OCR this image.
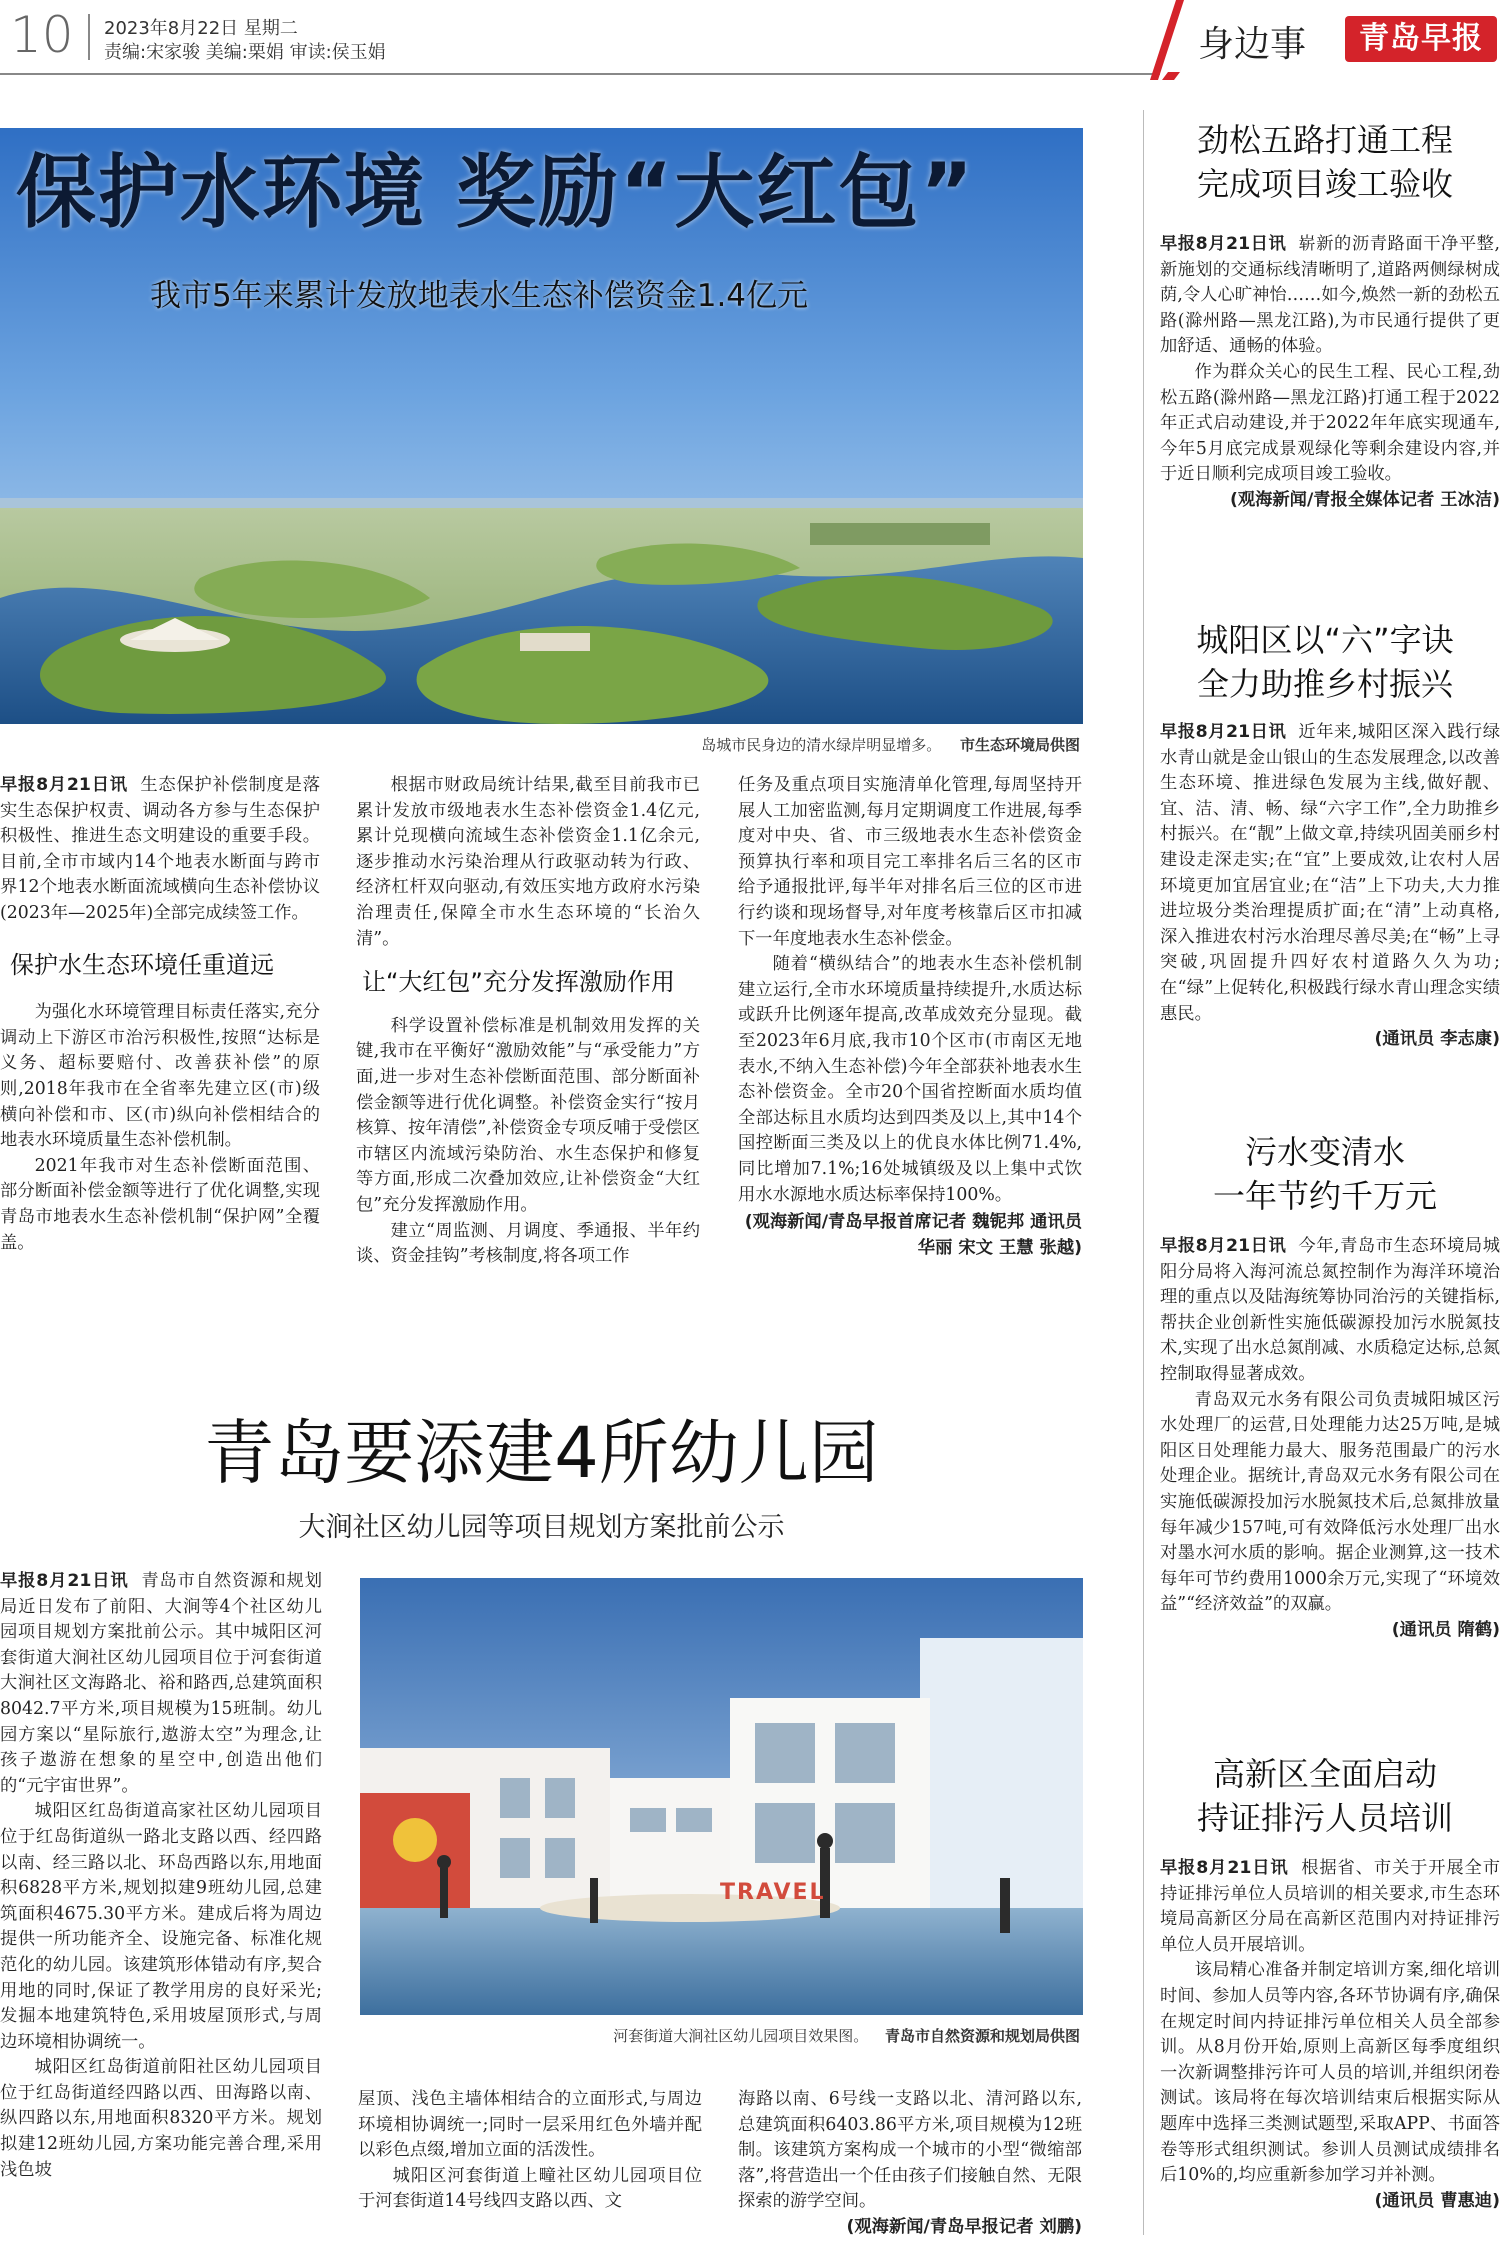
10 2023年8月22日 星期二
责编:宋家骏 美编:栗娟 审读:侯玉娟	身边事	青岛早报
保护水环境 奖励“大红包”
我市5年来累计发放地表水生态补偿资金1.4亿元
岛城市民身边的清水绿岸明显增多。 市生态环境局供图

早报8月21日讯 生态保护补偿制度是落实生态保护权责、调动各方参与生态保护积极性、推进生态文明建设的重要手段。目前,全市市域内14个地表水断面与跨市界12个地表水断面流域横向生态补偿协议(2023年—2025年)全部完成续签工作。

保护水生态环境任重道远

为强化水环境管理目标责任落实,充分调动上下游区市治污积极性,按照“达标是义务、超标要赔付、改善获补偿”的原则,2018年我市在全省率先建立区(市)级横向补偿和市、区(市)纵向补偿相结合的地表水环境质量生态补偿机制。

2021年我市对生态补偿断面范围、部分断面补偿金额等进行了优化调整,实现青岛市地表水生态补偿机制“保护网”全覆盖。

根据市财政局统计结果,截至目前我市已累计发放市级地表水生态补偿资金1.4亿元,累计兑现横向流域生态补偿资金1.1亿余元,逐步推动水污染治理从行政驱动转为行政、经济杠杆双向驱动,有效压实地方政府水污染治理责任,保障全市水生态环境的“长治久清”。

让“大红包”充分发挥激励作用

科学设置补偿标准是机制效用发挥的关键,我市在平衡好“激励效能”与“承受能力”方面,进一步对生态补偿断面范围、部分断面补偿金额等进行优化调整。补偿资金实行“按月核算、按年清偿”,补偿资金专项反哺于受偿区市辖区内流域污染防治、水生态保护和修复等方面,形成二次叠加效应,让补偿资金“大红包”充分发挥激励作用。

建立“周监测、月调度、季通报、半年约谈、资金挂钩”考核制度,将各项工作

任务及重点项目实施清单化管理,每周坚持开展人工加密监测,每月定期调度工作进展,每季度对中央、省、市三级地表水生态补偿资金预算执行率和项目完工率排名后三名的区市给予通报批评,每半年对排名后三位的区市进行约谈和现场督导,对年度考核靠后区市扣减下一年度地表水生态补偿金。

随着“横纵结合”的地表水生态补偿机制建立运行,全市水环境质量持续提升,水质达标或跃升比例逐年提高,改革成效充分显现。截至2023年6月底,我市10个区市(市南区无地表水,不纳入生态补偿)今年全部获补地表水生态补偿资金。全市20个国省控断面水质均值全部达标且水质均达到四类及以上,其中14个国控断面三类及以上的优良水体比例71.4%,同比增加7.1%;16处城镇级及以上集中式饮用水水源地水质达标率保持100%。

(观海新闻/青岛早报首席记者 魏铌邦 通讯员 华丽 宋文 王慧 张越)

青岛要添建4所幼儿园
大涧社区幼儿园等项目规划方案批前公示

早报8月21日讯 青岛市自然资源和规划局近日发布了前阳、大涧等4个社区幼儿园项目规划方案批前公示。其中城阳区河套街道大涧社区幼儿园项目位于河套街道大涧社区文海路北、裕和路西,总建筑面积8042.7平方米,项目规模为15班制。幼儿园方案以“星际旅行,遨游太空”为理念,让孩子遨游在想象的星空中,创造出他们的“元宇宙世界”。

城阳区红岛街道高家社区幼儿园项目位于红岛街道纵一路北支路以西、经四路以南、经三路以北、环岛西路以东,用地面积6828平方米,规划拟建9班幼儿园,总建筑面积4675.30平方米。建成后将为周边提供一所功能齐全、设施完备、标准化规范化的幼儿园。该建筑形体错动有序,契合用地的同时,保证了教学用房的良好采光;发掘本地建筑特色,采用坡屋顶形式,与周边环境相协调统一。

城阳区红岛街道前阳社区幼儿园项目位于红岛街道经四路以西、田海路以南、纵四路以东,用地面积8320平方米。规划拟建12班幼儿园,方案功能完善合理,采用浅色坡

TRAVEL
河套街道大涧社区幼儿园项目效果图。 青岛市自然资源和规划局供图

屋顶、浅色主墙体相结合的立面形式,与周边环境相协调统一;同时一层采用红色外墙并配以彩色点缀,增加立面的活泼性。

城阳区河套街道上疃社区幼儿园项目位于河套街道14号线四支路以西、文

海路以南、6号线一支路以北、清河路以东,总建筑面积6403.86平方米,项目规模为12班制。该建筑方案构成一个城市的小型“微缩部落”,将营造出一个任由孩子们接触自然、无限探索的游学空间。

(观海新闻/青岛早报记者 刘鹏)

劲松五路打通工程
完成项目竣工验收

早报8月21日讯 崭新的沥青路面干净平整,新施划的交通标线清晰明了,道路两侧绿树成荫,令人心旷神怡……如今,焕然一新的劲松五路(滁州路—黑龙江路),为市民通行提供了更加舒适、通畅的体验。

作为群众关心的民生工程、民心工程,劲松五路(滁州路—黑龙江路)打通工程于2022年正式启动建设,并于2022年年底实现通车,今年5月底完成景观绿化等剩余建设内容,并于近日顺利完成项目竣工验收。

(观海新闻/青报全媒体记者 王冰洁)

城阳区以“六”字诀
全力助推乡村振兴

早报8月21日讯 近年来,城阳区深入践行绿水青山就是金山银山的生态发展理念,以改善生态环境、推进绿色发展为主线,做好靓、宜、洁、清、畅、绿“六字工作”,全力助推乡村振兴。在“靓”上做文章,持续巩固美丽乡村建设走深走实;在“宜”上要成效,让农村人居环境更加宜居宜业;在“洁”上下功夫,大力推进垃圾分类治理提质扩面;在“清”上动真格,深入推进农村污水治理尽善尽美;在“畅”上寻突破,巩固提升四好农村道路久久为功;在“绿”上促转化,积极践行绿水青山理念实绩惠民。

(通讯员 李志康)

污水变清水
一年节约千万元

早报8月21日讯 今年,青岛市生态环境局城阳分局将入海河流总氮控制作为海洋环境治理的重点以及陆海统筹协同治污的关键指标,帮扶企业创新性实施低碳源投加污水脱氮技术,实现了出水总氮削减、水质稳定达标,总氮控制取得显著成效。

青岛双元水务有限公司负责城阳城区污水处理厂的运营,日处理能力达25万吨,是城阳区日处理能力最大、服务范围最广的污水处理企业。据统计,青岛双元水务有限公司在实施低碳源投加污水脱氮技术后,总氮排放量每年减少157吨,可有效降低污水处理厂出水对墨水河水质的影响。据企业测算,这一技术每年可节约费用1000余万元,实现了“环境效益”“经济效益”的双赢。

(通讯员 隋鹤)

高新区全面启动
持证排污人员培训

早报8月21日讯 根据省、市关于开展全市持证排污单位人员培训的相关要求,市生态环境局高新区分局在高新区范围内对持证排污单位人员开展培训。

该局精心准备并制定培训方案,细化培训时间、参加人员等内容,各环节协调有序,确保在规定时间内持证排污单位相关人员全部参训。从8月份开始,原则上高新区每季度组织一次新调整排污许可人员的培训,并组织闭卷测试。该局将在每次培训结束后根据实际从题库中选择三类测试题型,采取APP、书面答卷等形式组织测试。参训人员测试成绩排名后10%的,均应重新参加学习并补测。

(通讯员 曹惠迪)
